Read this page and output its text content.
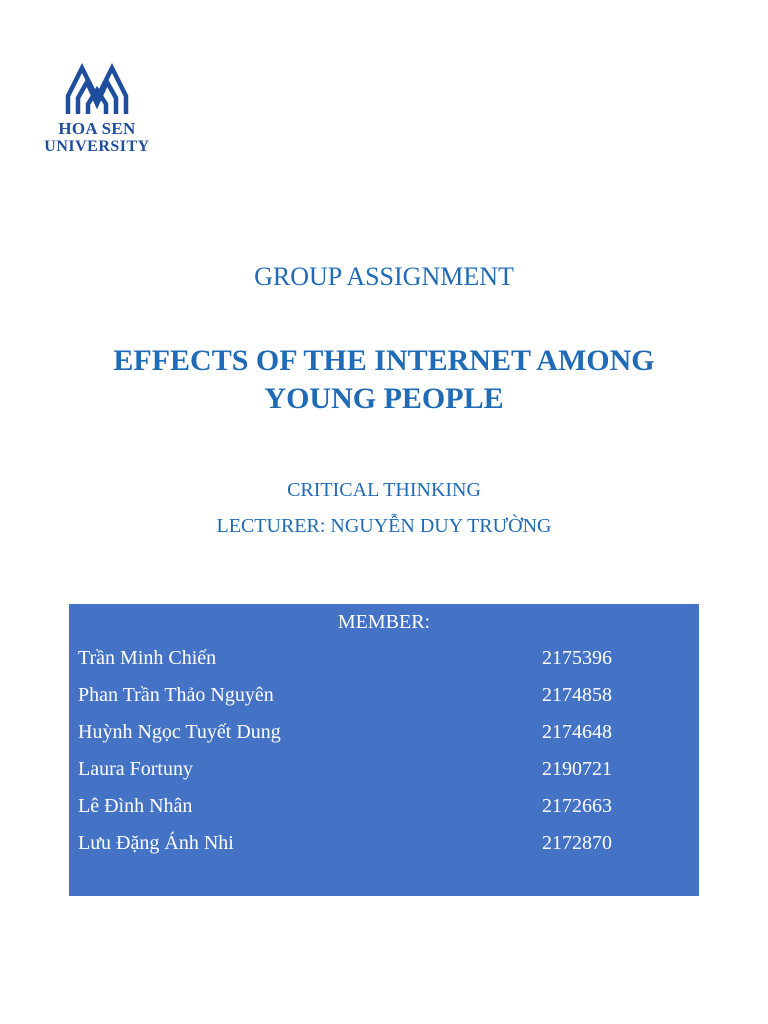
HOA SEN
UNIVERSITY
GROUP ASSIGNMENT
EFFECTS OF THE INTERNET AMONG
YOUNG PEOPLE
CRITICAL THINKING
LECTURER: NGUYỄN DUY TRƯỜNG
MEMBER:
Trần Minh Chiến	2175396
Phan Trần Thảo Nguyên	2174858
Huỳnh Ngọc Tuyết Dung	2174648
Laura Fortuny	2190721
Lê Đình Nhân	2172663
Lưu Đặng Ánh Nhi	2172870
